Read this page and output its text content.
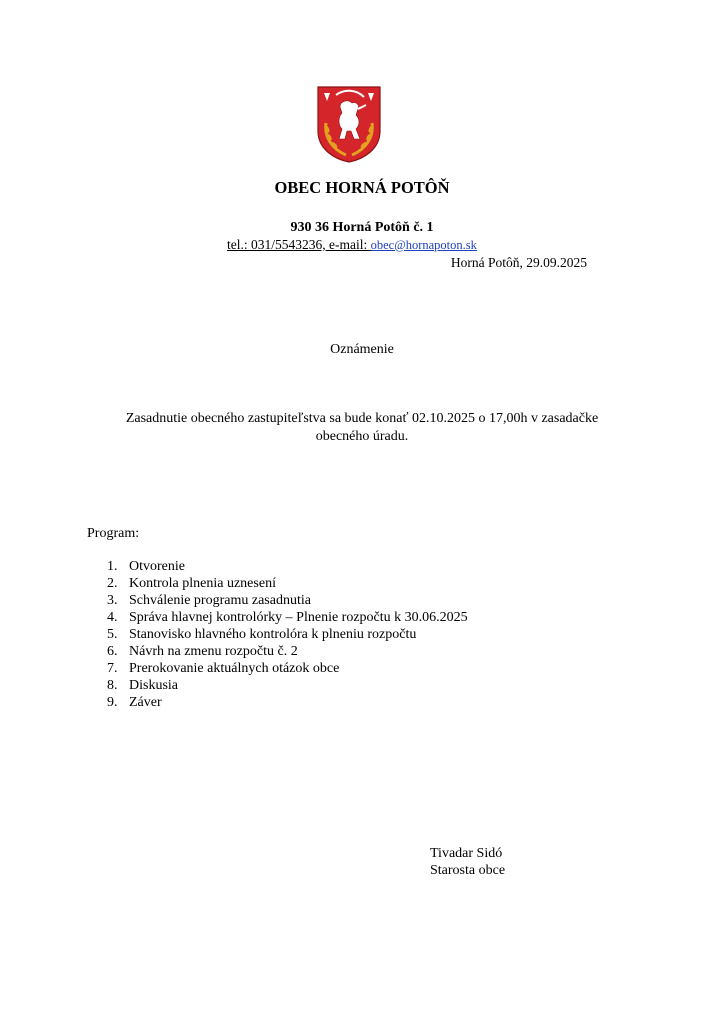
OBEC HORNÁ POTÔŇ
930 36 Horná Potôň č. 1
tel.: 031/5543236, e-mail: obec@hornapoton.sk
Horná Potôň, 29.09.2025
Oznámenie
Zasadnutie obecného zastupiteľstva sa bude konať 02.10.2025 o 17,00h v zasadačke
obecného úradu.
Program:
1. Otvorenie
2. Kontrola plnenia uznesení
3. Schválenie programu zasadnutia
4. Správa hlavnej kontrolórky – Plnenie rozpočtu k 30.06.2025
5. Stanovisko hlavného kontrolóra k plneniu rozpočtu
6. Návrh na zmenu rozpočtu č. 2
7. Prerokovanie aktuálnych otázok obce
8. Diskusia
9. Záver
Tivadar Sidó
Starosta obce
